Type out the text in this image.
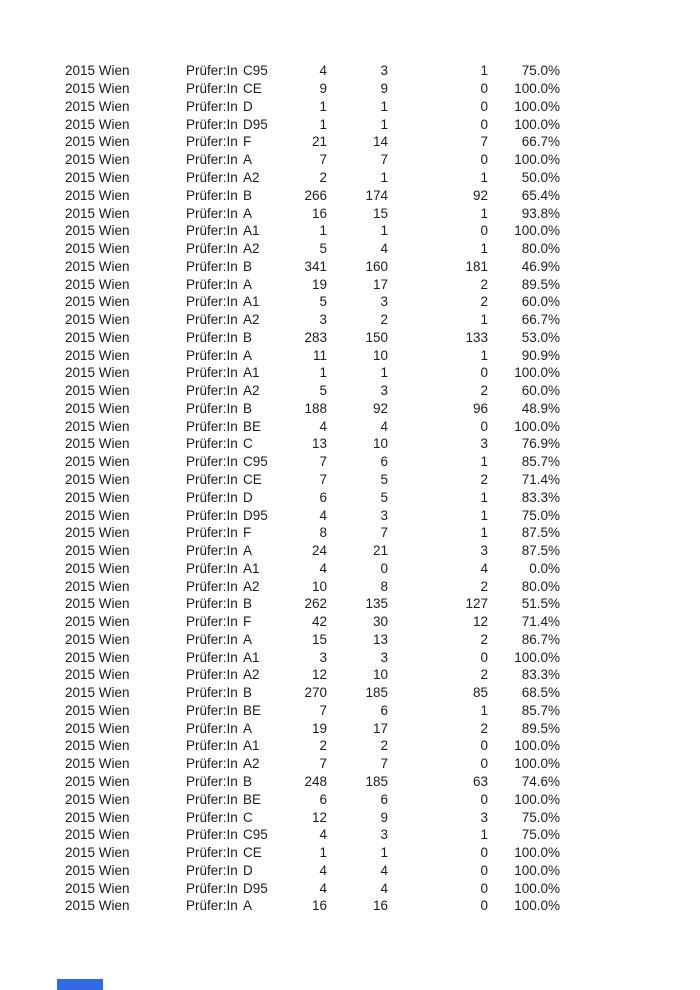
2015 Wien	Prüfer:In C95	4	3	1	75.0%
2015 Wien	Prüfer:In CE	9	9	0	100.0%
2015 Wien	Prüfer:In D	1	1	0	100.0%
2015 Wien	Prüfer:In D95	1	1	0	100.0%
2015 Wien	Prüfer:In F	21	14	7	66.7%
2015 Wien	Prüfer:In A	7	7	0	100.0%
2015 Wien	Prüfer:In A2	2	1	1	50.0%
2015 Wien	Prüfer:In B	266	174	92	65.4%
2015 Wien	Prüfer:In A	16	15	1	93.8%
2015 Wien	Prüfer:In A1	1	1	0	100.0%
2015 Wien	Prüfer:In A2	5	4	1	80.0%
2015 Wien	Prüfer:In B	341	160	181	46.9%
2015 Wien	Prüfer:In A	19	17	2	89.5%
2015 Wien	Prüfer:In A1	5	3	2	60.0%
2015 Wien	Prüfer:In A2	3	2	1	66.7%
2015 Wien	Prüfer:In B	283	150	133	53.0%
2015 Wien	Prüfer:In A	11	10	1	90.9%
2015 Wien	Prüfer:In A1	1	1	0	100.0%
2015 Wien	Prüfer:In A2	5	3	2	60.0%
2015 Wien	Prüfer:In B	188	92	96	48.9%
2015 Wien	Prüfer:In BE	4	4	0	100.0%
2015 Wien	Prüfer:In C	13	10	3	76.9%
2015 Wien	Prüfer:In C95	7	6	1	85.7%
2015 Wien	Prüfer:In CE	7	5	2	71.4%
2015 Wien	Prüfer:In D	6	5	1	83.3%
2015 Wien	Prüfer:In D95	4	3	1	75.0%
2015 Wien	Prüfer:In F	8	7	1	87.5%
2015 Wien	Prüfer:In A	24	21	3	87.5%
2015 Wien	Prüfer:In A1	4	0	4	0.0%
2015 Wien	Prüfer:In A2	10	8	2	80.0%
2015 Wien	Prüfer:In B	262	135	127	51.5%
2015 Wien	Prüfer:In F	42	30	12	71.4%
2015 Wien	Prüfer:In A	15	13	2	86.7%
2015 Wien	Prüfer:In A1	3	3	0	100.0%
2015 Wien	Prüfer:In A2	12	10	2	83.3%
2015 Wien	Prüfer:In B	270	185	85	68.5%
2015 Wien	Prüfer:In BE	7	6	1	85.7%
2015 Wien	Prüfer:In A	19	17	2	89.5%
2015 Wien	Prüfer:In A1	2	2	0	100.0%
2015 Wien	Prüfer:In A2	7	7	0	100.0%
2015 Wien	Prüfer:In B	248	185	63	74.6%
2015 Wien	Prüfer:In BE	6	6	0	100.0%
2015 Wien	Prüfer:In C	12	9	3	75.0%
2015 Wien	Prüfer:In C95	4	3	1	75.0%
2015 Wien	Prüfer:In CE	1	1	0	100.0%
2015 Wien	Prüfer:In D	4	4	0	100.0%
2015 Wien	Prüfer:In D95	4	4	0	100.0%
2015 Wien	Prüfer:In A	16	16	0	100.0%
